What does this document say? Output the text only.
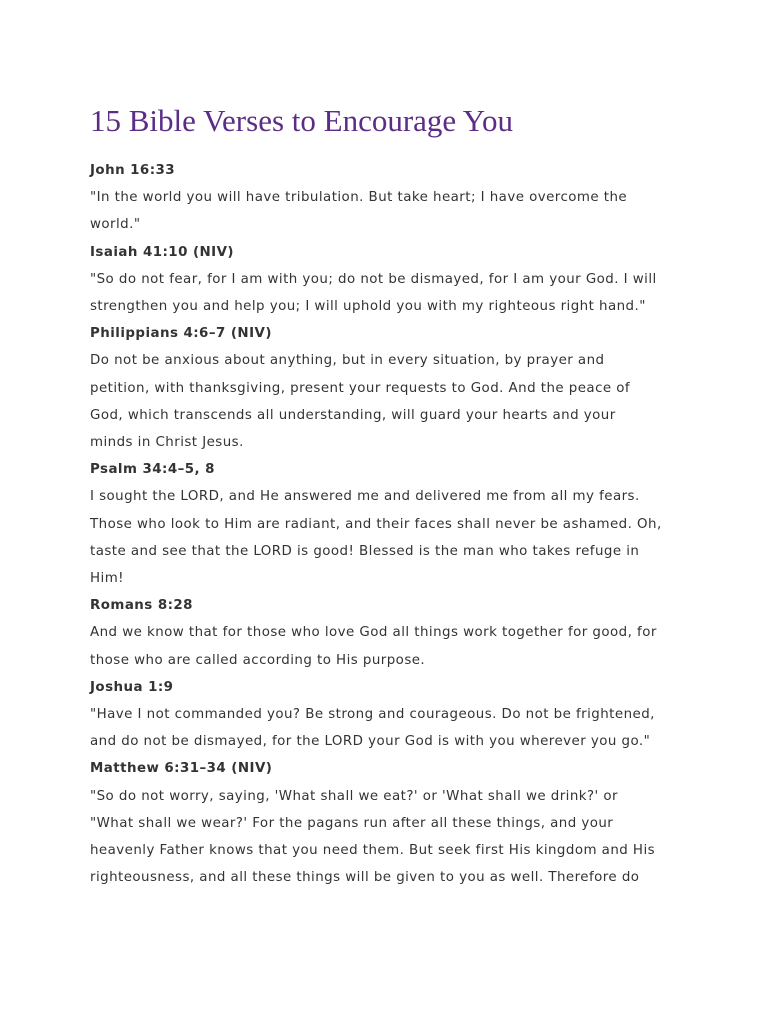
15 Bible Verses to Encourage You

John 16:33

"In the world you will have tribulation. But take heart; I have overcome the
world."

Isaiah 41:10 (NIV)

"So do not fear, for I am with you; do not be dismayed, for I am your God. I will
strengthen you and help you; I will uphold you with my righteous right hand."

Philippians 4:6–7 (NIV)

Do not be anxious about anything, but in every situation, by prayer and
petition, with thanksgiving, present your requests to God. And the peace of
God, which transcends all understanding, will guard your hearts and your
minds in Christ Jesus.

Psalm 34:4–5, 8

I sought the LORD, and He answered me and delivered me from all my fears.
Those who look to Him are radiant, and their faces shall never be ashamed. Oh,
taste and see that the LORD is good! Blessed is the man who takes refuge in
Him!

Romans 8:28

And we know that for those who love God all things work together for good, for
those who are called according to His purpose.

Joshua 1:9

"Have I not commanded you? Be strong and courageous. Do not be frightened,
and do not be dismayed, for the LORD your God is with you wherever you go."

Matthew 6:31–34 (NIV)

"So do not worry, saying, 'What shall we eat?' or 'What shall we drink?' or
"What shall we wear?' For the pagans run after all these things, and your
heavenly Father knows that you need them. But seek first His kingdom and His
righteousness, and all these things will be given to you as well. Therefore do
